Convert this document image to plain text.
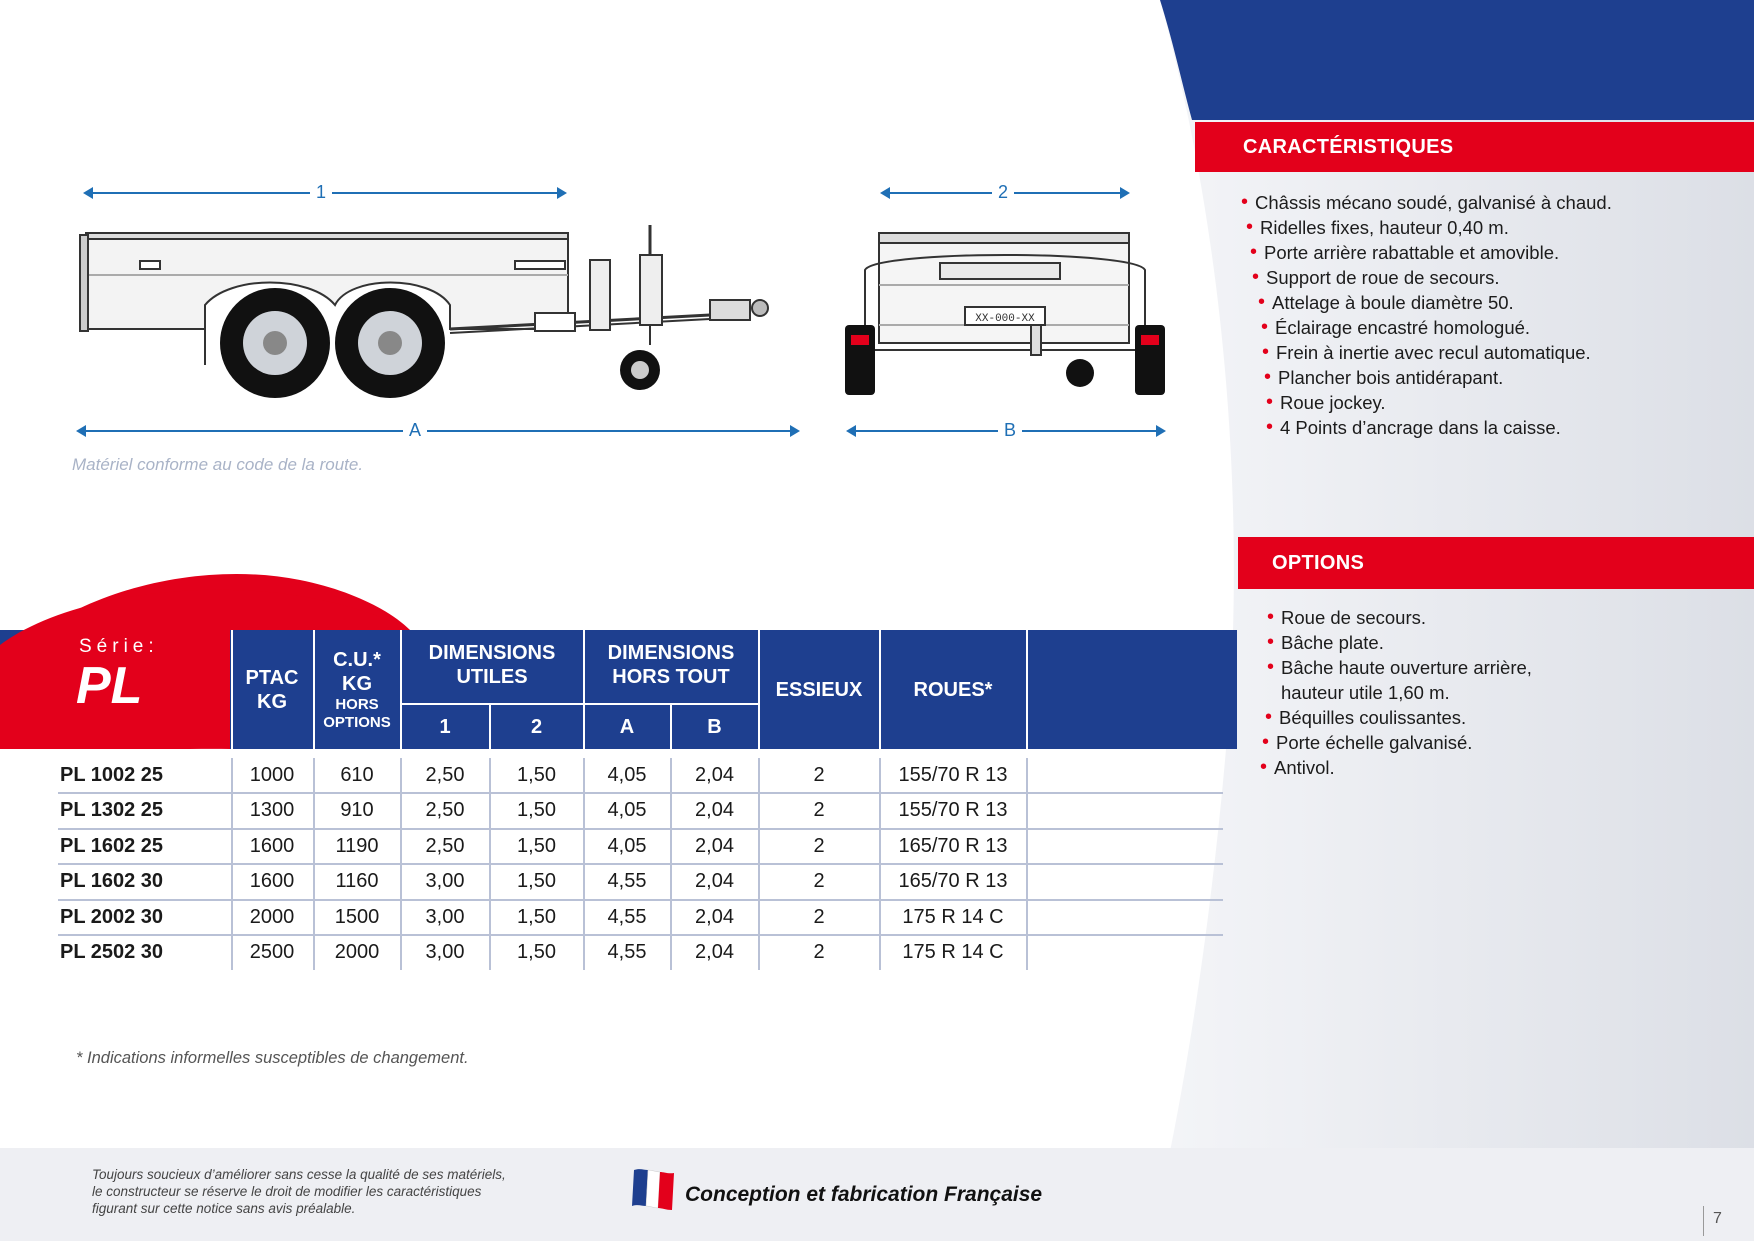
XX-000-XX
1	2
A	B
Matériel conforme au code de la route.
CARACTÉRISTIQUES
• Châssis mécano soudé, galvanisé à chaud.
• Ridelles fixes, hauteur 0,40 m.
• Porte arrière rabattable et amovible.
• Support de roue de secours.
• Attelage à boule diamètre 50.
• Éclairage encastré homologué.
• Frein à inertie avec recul automatique.
• Plancher bois antidérapant.
• Roue jockey.
• 4 Points d’ancrage dans la caisse.
OPTIONS
• Roue de secours.
• Bâche plate.
• Bâche haute ouverture arrière,
hauteur utile 1,60 m.
• Béquilles coulissantes.
• Porte échelle galvanisé.
• Antivol.
Série:
PL	PTAC
KG
C.U.*
KG
HORS
OPTIONS
DIMENSIONS
UTILES
DIMENSIONS
HORS TOUT
1	2	A	B
ESSIEUX	ROUES*
PL 1002 25	1000	610	2,50	1,50	4,05	2,04	2	155/70 R 13
PL 1302 25	1300	910	2,50	1,50	4,05	2,04	2	155/70 R 13
PL 1602 25	1600	1190	2,50	1,50	4,05	2,04	2	165/70 R 13
PL 1602 30	1600	1160	3,00	1,50	4,55	2,04	2	165/70 R 13
PL 2002 30	2000	1500	3,00	1,50	4,55	2,04	2	175 R 14 C
PL 2502 30	2500	2000	3,00	1,50	4,55	2,04	2	175 R 14 C
* Indications informelles susceptibles de changement.
Toujours soucieux d’améliorer sans cesse la qualité de ses matériels,
le constructeur se réserve le droit de modifier les caractéristiques
figurant sur cette notice sans avis préalable.
Conception et fabrication Française
7
